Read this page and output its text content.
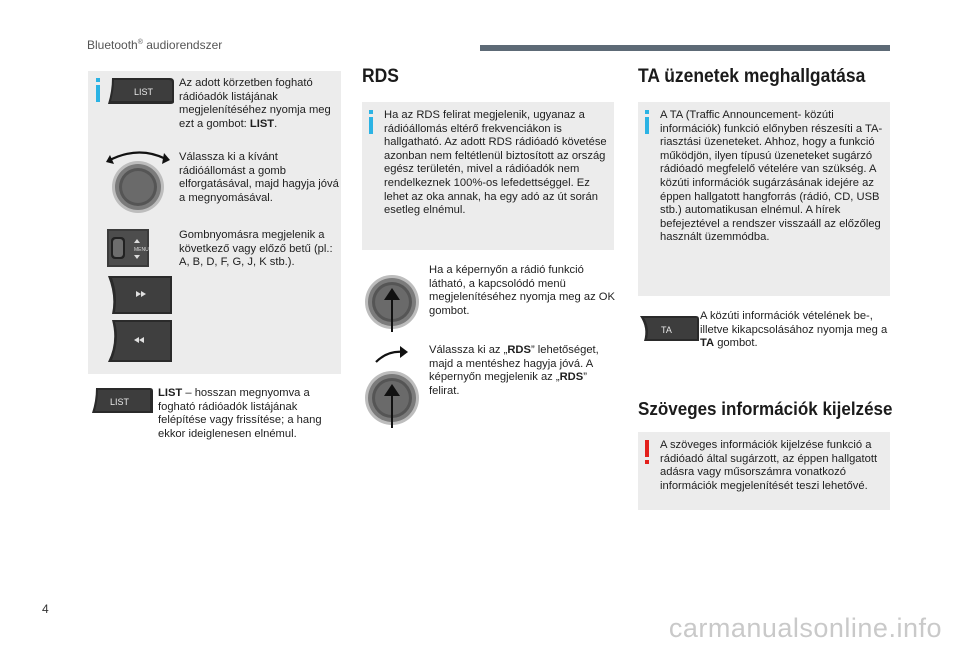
Bluetooth® audiorendszer
LIST
Az adott körzetben fogható rádióadók listájának megjelenítéséhez nyomja meg ezt a gombot: LIST.
Válassza ki a kívánt rádióállomást a gomb elforgatásával, majd hagyja jóvá a megnyomásával.
MENU
Gombnyomásra megjelenik a következő vagy előző betű (pl.: A, B, D, F, G, J, K stb.).
LIST
LIST – hosszan megnyomva a fogható rádióadók listájának felépítése vagy frissítése; a hang ekkor ideiglenesen elnémul.
RDS
Ha az RDS felirat megjelenik, ugyanaz a rádióállomás eltérő frekvenciákon is hallgatható. Az adott RDS rádióadó követése azonban nem feltétlenül biztosított az ország egész területén, mivel a rádióadók nem rendelkeznek 100%-os lefedettséggel. Ez lehet az oka annak, ha egy adó az út során esetleg elnémul.
Ha a képernyőn a rádió funkció látható, a kapcsolódó menü megjelenítéséhez nyomja meg az OK gombot.
Válassza ki az „RDS” lehetőséget, majd a mentéshez hagyja jóvá. A képernyőn megjelenik az „RDS” felirat.
TA üzenetek meghallgatása
A TA (Traffic Announcement- közúti információk) funkció előnyben részesíti a TA-riasztási üzeneteket. Ahhoz, hogy a funkció működjön, ilyen típusú üzeneteket sugárzó rádióadó megfelelő vételére van szükség. A közúti információk sugárzásának idejére az éppen hallgatott hangforrás (rádió, CD, USB stb.) automatikusan elnémul. A hírek befejeztével a rendszer visszaáll az előzőleg használt üzemmódba.
TA
A közúti információk vételének be-, illetve kikapcsolásához nyomja meg a TA gombot.
Szöveges információk kijelzése
A szöveges információk kijelzése funkció a rádióadó által sugárzott, az éppen hallgatott adásra vagy műsorszámra vonatkozó információk megjelenítését teszi lehetővé.
4
carmanualsonline.info
